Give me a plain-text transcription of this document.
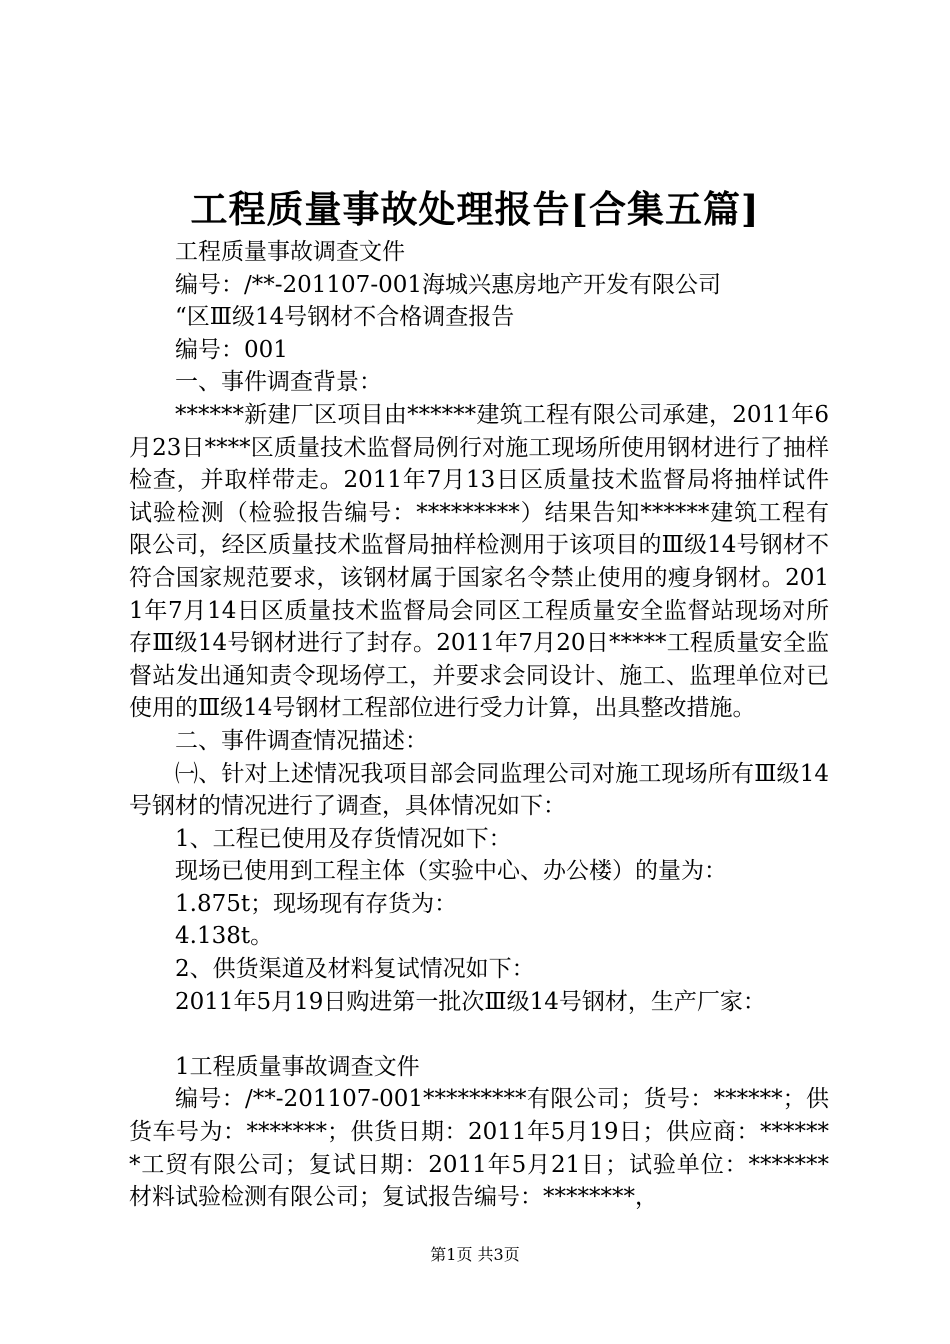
工程质量事故处理报告[合集五篇]

工程质量事故调查文件

编号：/**-201107-001海城兴惠房地产开发有限公司

“区Ⅲ级14号钢材不合格调查报告

编号：001

一、事件调查背景：

******新建厂区项目由******建筑工程有限公司承建，2011年6月23日****区质量技术监督局例行对施工现场所使用钢材进行了抽样检查，并取样带走。2011年7月13日区质量技术监督局将抽样试件试验检测（检验报告编号：*********）结果告知******建筑工程有限公司，经区质量技术监督局抽样检测用于该项目的Ⅲ级14号钢材不符合国家规范要求，该钢材属于国家名令禁止使用的瘦身钢材。2011年7月14日区质量技术监督局会同区工程质量安全监督站现场对所存Ⅲ级14号钢材进行了封存。2011年7月20日*****工程质量安全监督站发出通知责令现场停工，并要求会同设计、施工、监理单位对已使用的Ⅲ级14号钢材工程部位进行受力计算，出具整改措施。

二、事件调查情况描述：

㈠、针对上述情况我项目部会同监理公司对施工现场所有Ⅲ级14号钢材的情况进行了调查，具体情况如下：

1、工程已使用及存货情况如下：

现场已使用到工程主体（实验中心、办公楼）的量为：

1.875t；现场现有存货为：

4.138t。

2、供货渠道及材料复试情况如下：

2011年5月19日购进第一批次Ⅲ级14号钢材，生产厂家：

1工程质量事故调查文件

编号：/**-201107-001*********有限公司；货号：******；供货车号为：*******；供货日期：2011年5月19日；供应商：*******工贸有限公司；复试日期：2011年5月21日；试验单位：*******材料试验检测有限公司；复试报告编号：********，

第1页 共3页
